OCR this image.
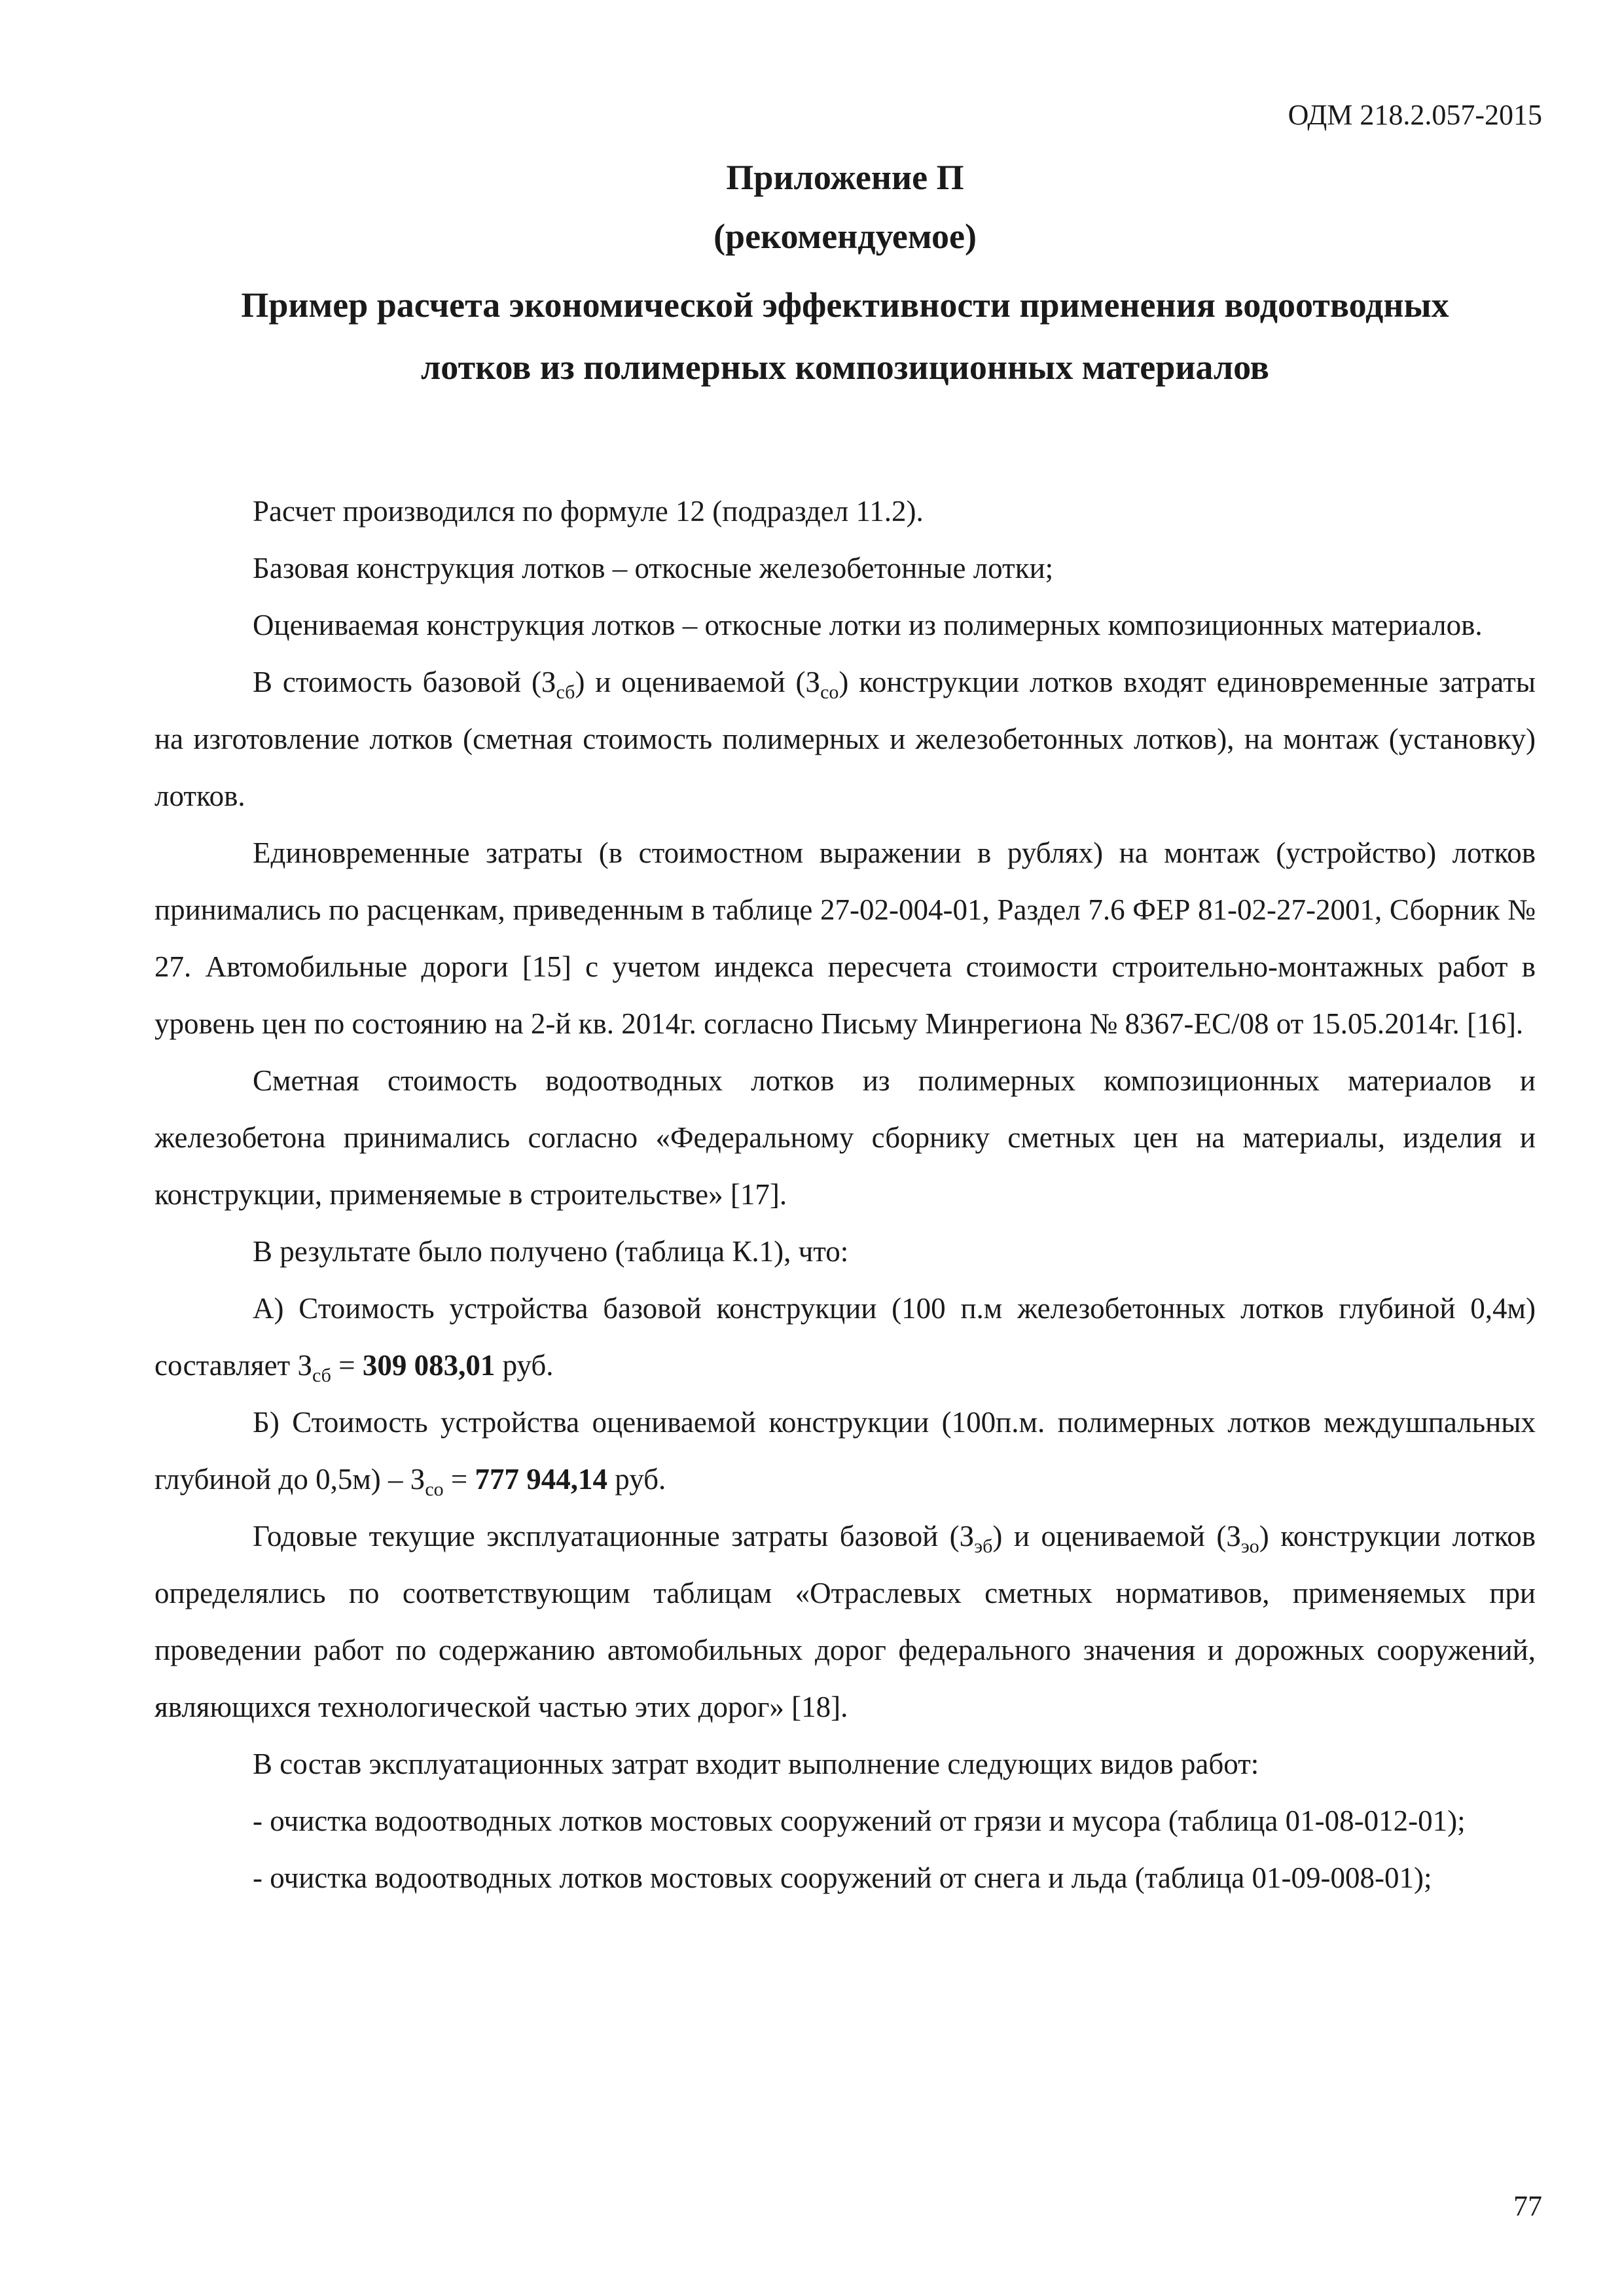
ОДМ 218.2.057-2015
Приложение П
(рекомендуемое)
Пример расчета экономической эффективности применения водоотводных
лотков из полимерных композиционных материалов

Расчет производился по формуле 12 (подраздел 11.2).

Базовая конструкция лотков – откосные железобетонные лотки;

Оцениваемая конструкция лотков – откосные лотки из полимерных композиционных материалов.

В стоимость базовой $(З_{сб})$ и оцениваемой $(З_{со})$ конструкции лотков входят единовременные затраты на изготовление лотков (сметная стоимость полимерных и железобетонных лотков), на монтаж (установку) лотков.

Единовременные затраты (в стоимостном выражении в рублях) на монтаж (устройство) лотков принимались по расценкам, приведенным в таблице 27-02-004-01, Раздел 7.6 ФЕР 81-02-27-2001, Сборник № 27. Автомобильные дороги [15] с учетом индекса пересчета стоимости строительно-монтажных работ в уровень цен по состоянию на 2-й кв. 2014г. согласно Письму Минрегиона № 8367-ЕС/08 от 15.05.2014г. [16].

Сметная стоимость водоотводных лотков из полимерных композиционных материалов и железобетона принимались согласно «Федеральному сборнику сметных цен на материалы, изделия и конструкции, применяемые в строительстве» [17].

В результате было получено (таблица К.1), что:

А) Стоимость устройства базовой конструкции (100 п.м железобетонных лотков глубиной 0,4м) составляет $З_{сб} = 309$ 083,01 руб.

Б) Стоимость устройства оцениваемой конструкции (100п.м. полимерных лотков междушпальных глубиной до $0,5м) - З_{со} = 777$ 944,14 руб.

Годовые текущие эксплуатационные затраты базовой $(З_{эб})$ и оцениваемой $(З_{эо})$ конструкции лотков определялись по соответствующим таблицам «Отраслевых сметных нормативов, применяемых при проведении работ по содержанию автомобильных дорог федерального значения и дорожных сооружений, являющихся технологической частью этих дорог» [18].

В состав эксплуатационных затрат входит выполнение следующих видов работ:

- очистка водоотводных лотков мостовых сооружений от грязи и мусора (таблица 01-08-012-01);

- очистка водоотводных лотков мостовых сооружений от снега и льда (таблица 01-09-008-01);

77
